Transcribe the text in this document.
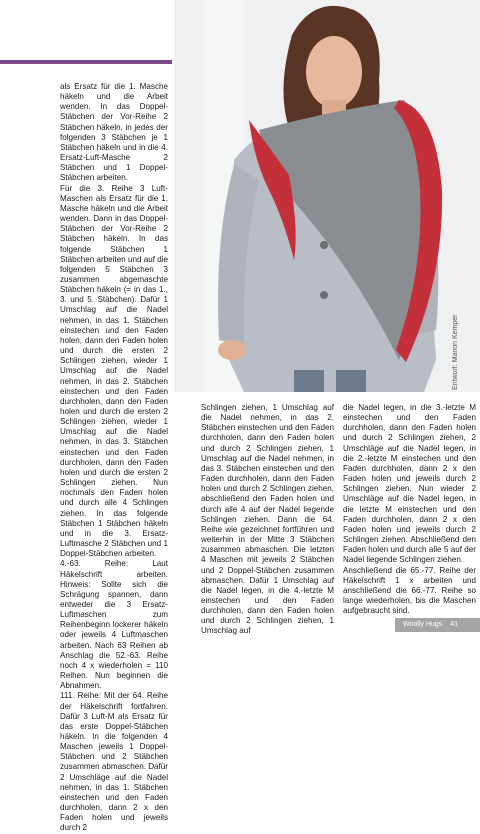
als Ersatz für die 1. Masche häkeln und die Arbeit wenden. In das Doppel-Stäbchen der Vor-Reihe 2 Stäbchen häkeln, in jedes der folgenden 3 Stäbchen je 1 Stäbchen häkeln und in die 4. Ersatz-Luft-Masche 2 Stäbchen und 1 Doppel-Stäbchen arbeiten.

Für die 3. Reihe 3 Luft-Maschen als Ersatz für die 1. Masche häkeln und die Arbeit wenden. Dann in das Doppel-Stäbchen der Vor-Reihe 2 Stäbchen häkeln. In das folgende Stäbchen 1 Stäbchen arbeiten und auf die folgenden 5 Stäbchen 3 zusammen abgemaschte Stäbchen häkeln (= in das 1., 3. und 5. Stäbchen). Dafür 1 Umschlag auf die Nadel nehmen, in das 1. Stäbchen einstechen und den Faden holen, dann den Faden holen und durch die ersten 2 Schlingen ziehen, wieder 1 Umschlag auf die Nadel nehmen, in das 2. Stäbchen einstechen und den Faden durchholen, dann den Faden holen und durch die ersten 2 Schlingen ziehen, wieder 1 Umschlag auf die Nadel nehmen, in das 3. Stäbchen einstechen und den Faden durchholen, dann den Faden holen und durch die ersten 2 Schlingen ziehen. Nun nochmals den Faden holen und durch alle 4 Schlingen ziehen. In das folgende Stäbchen 1 Stäbchen häkeln und in die 3. Ersatz-Luftmasche 2 Stäbchen und 1 Doppel-Stäbchen arbeiten.

4.-63. Reihe: Laut Häkelschrift arbeiten. Hinweis: Sollte sich die Schrägung spannen, dann entweder die 3 Ersatz-Luftmaschen zum Reihenbeginn lockerer häkeln oder jeweils 4 Luftmaschen arbeiten. Nach 63 Reihen ab Anschlag die 52.-63. Reihe noch 4 x wiederholen = 110 Reihen. Nun beginnen die Abnahmen.

111. Reihe: Mit der 64. Reihe der Häkelschrift fortfahren. Dafür 3 Luft-M als Ersatz für das erste Doppel-Stäbchen häkeln. In die folgenden 4 Maschen jeweils 1 Doppel-Stäbchen und 2 Stäbchen zusammen abmaschen. Dafür 2 Umschläge auf die Nadel nehmen, in das 1. Stäbchen einstechen und den Faden durchholen, dann 2 x den Faden holen und jeweils durch 2

Entwurf: Marion Kemper

Schlingen ziehen, 1 Umschlag auf die Nadel nehmen, in das 2. Stäbchen einstechen und den Faden durchholen, dann den Faden holen und durch 2 Schlingen ziehen, 1 Umschlag auf die Nadel nehmen, in das 3. Stäbchen einstechen und den Faden durchholen, dann den Faden holen und durch 2 Schlingen ziehen, abschließend den Faden holen und durch alle 4 auf der Nadel liegende Schlingen ziehen. Dann die 64. Reihe wie gezeichnet fortführen und weiterhin in der Mitte 3 Stäbchen zusammen abmaschen. Die letzten 4 Maschen mit jeweils 2 Stäbchen und 2 Doppel-Stäbchen zusammen abmaschen. Dafür 1 Umschlag auf die Nadel legen, in die 4.-letzte M einstechen und den Faden durchholen, dann den Faden holen und durch 2 Schlingen ziehen, 1 Umschlag auf

die Nadel legen, in die 3.-letzte M einstechen und den Faden durchholen, dann den Faden holen und durch 2 Schlingen ziehen, 2 Umschläge auf die Nadel legen, in die 2.-letzte M einstechen und den Faden durchholen, dann 2 x den Faden holen und jeweils durch 2 Schlingen ziehen. Nun wieder 2 Umschläge auf die Nadel legen, in die letzte M einstechen und den Faden durchholen, dann 2 x den Faden holen und jeweils durch 2 Schlingen ziehen. Abschließend den Faden holen und durch alle 5 auf der Nadel liegende Schlingen ziehen.

Anschließend die 65.-77. Reihe der Häkelschrift 1 x arbeiten und anschließend die 66.-77. Reihe so lange wiederholen, bis die Maschen aufgebraucht sind.

Woolly Hugs 41
